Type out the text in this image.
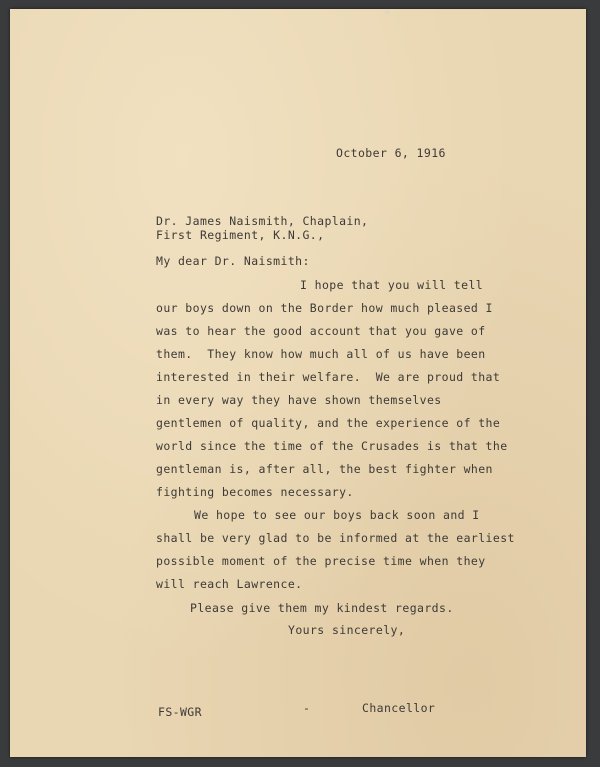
✧
October 6, 1916
Dr. James Naismith, Chaplain,
First Regiment, K.N.G.,
My dear Dr. Naismith:
I hope that you will tell
our boys down on the Border how much pleased I
was to hear the good account that you gave of
them.  They know how much all of us have been
interested in their welfare.  We are proud that
in every way they have shown themselves
gentlemen of quality, and the experience of the
world since the time of the Crusades is that the
gentleman is, after all, the best fighter when
fighting becomes necessary.
We hope to see our boys back soon and I
shall be very glad to be informed at the earliest
possible moment of the precise time when they
will reach Lawrence.
Please give them my kindest regards.
Yours sincerely,
FS-WGR	-	Chancellor
